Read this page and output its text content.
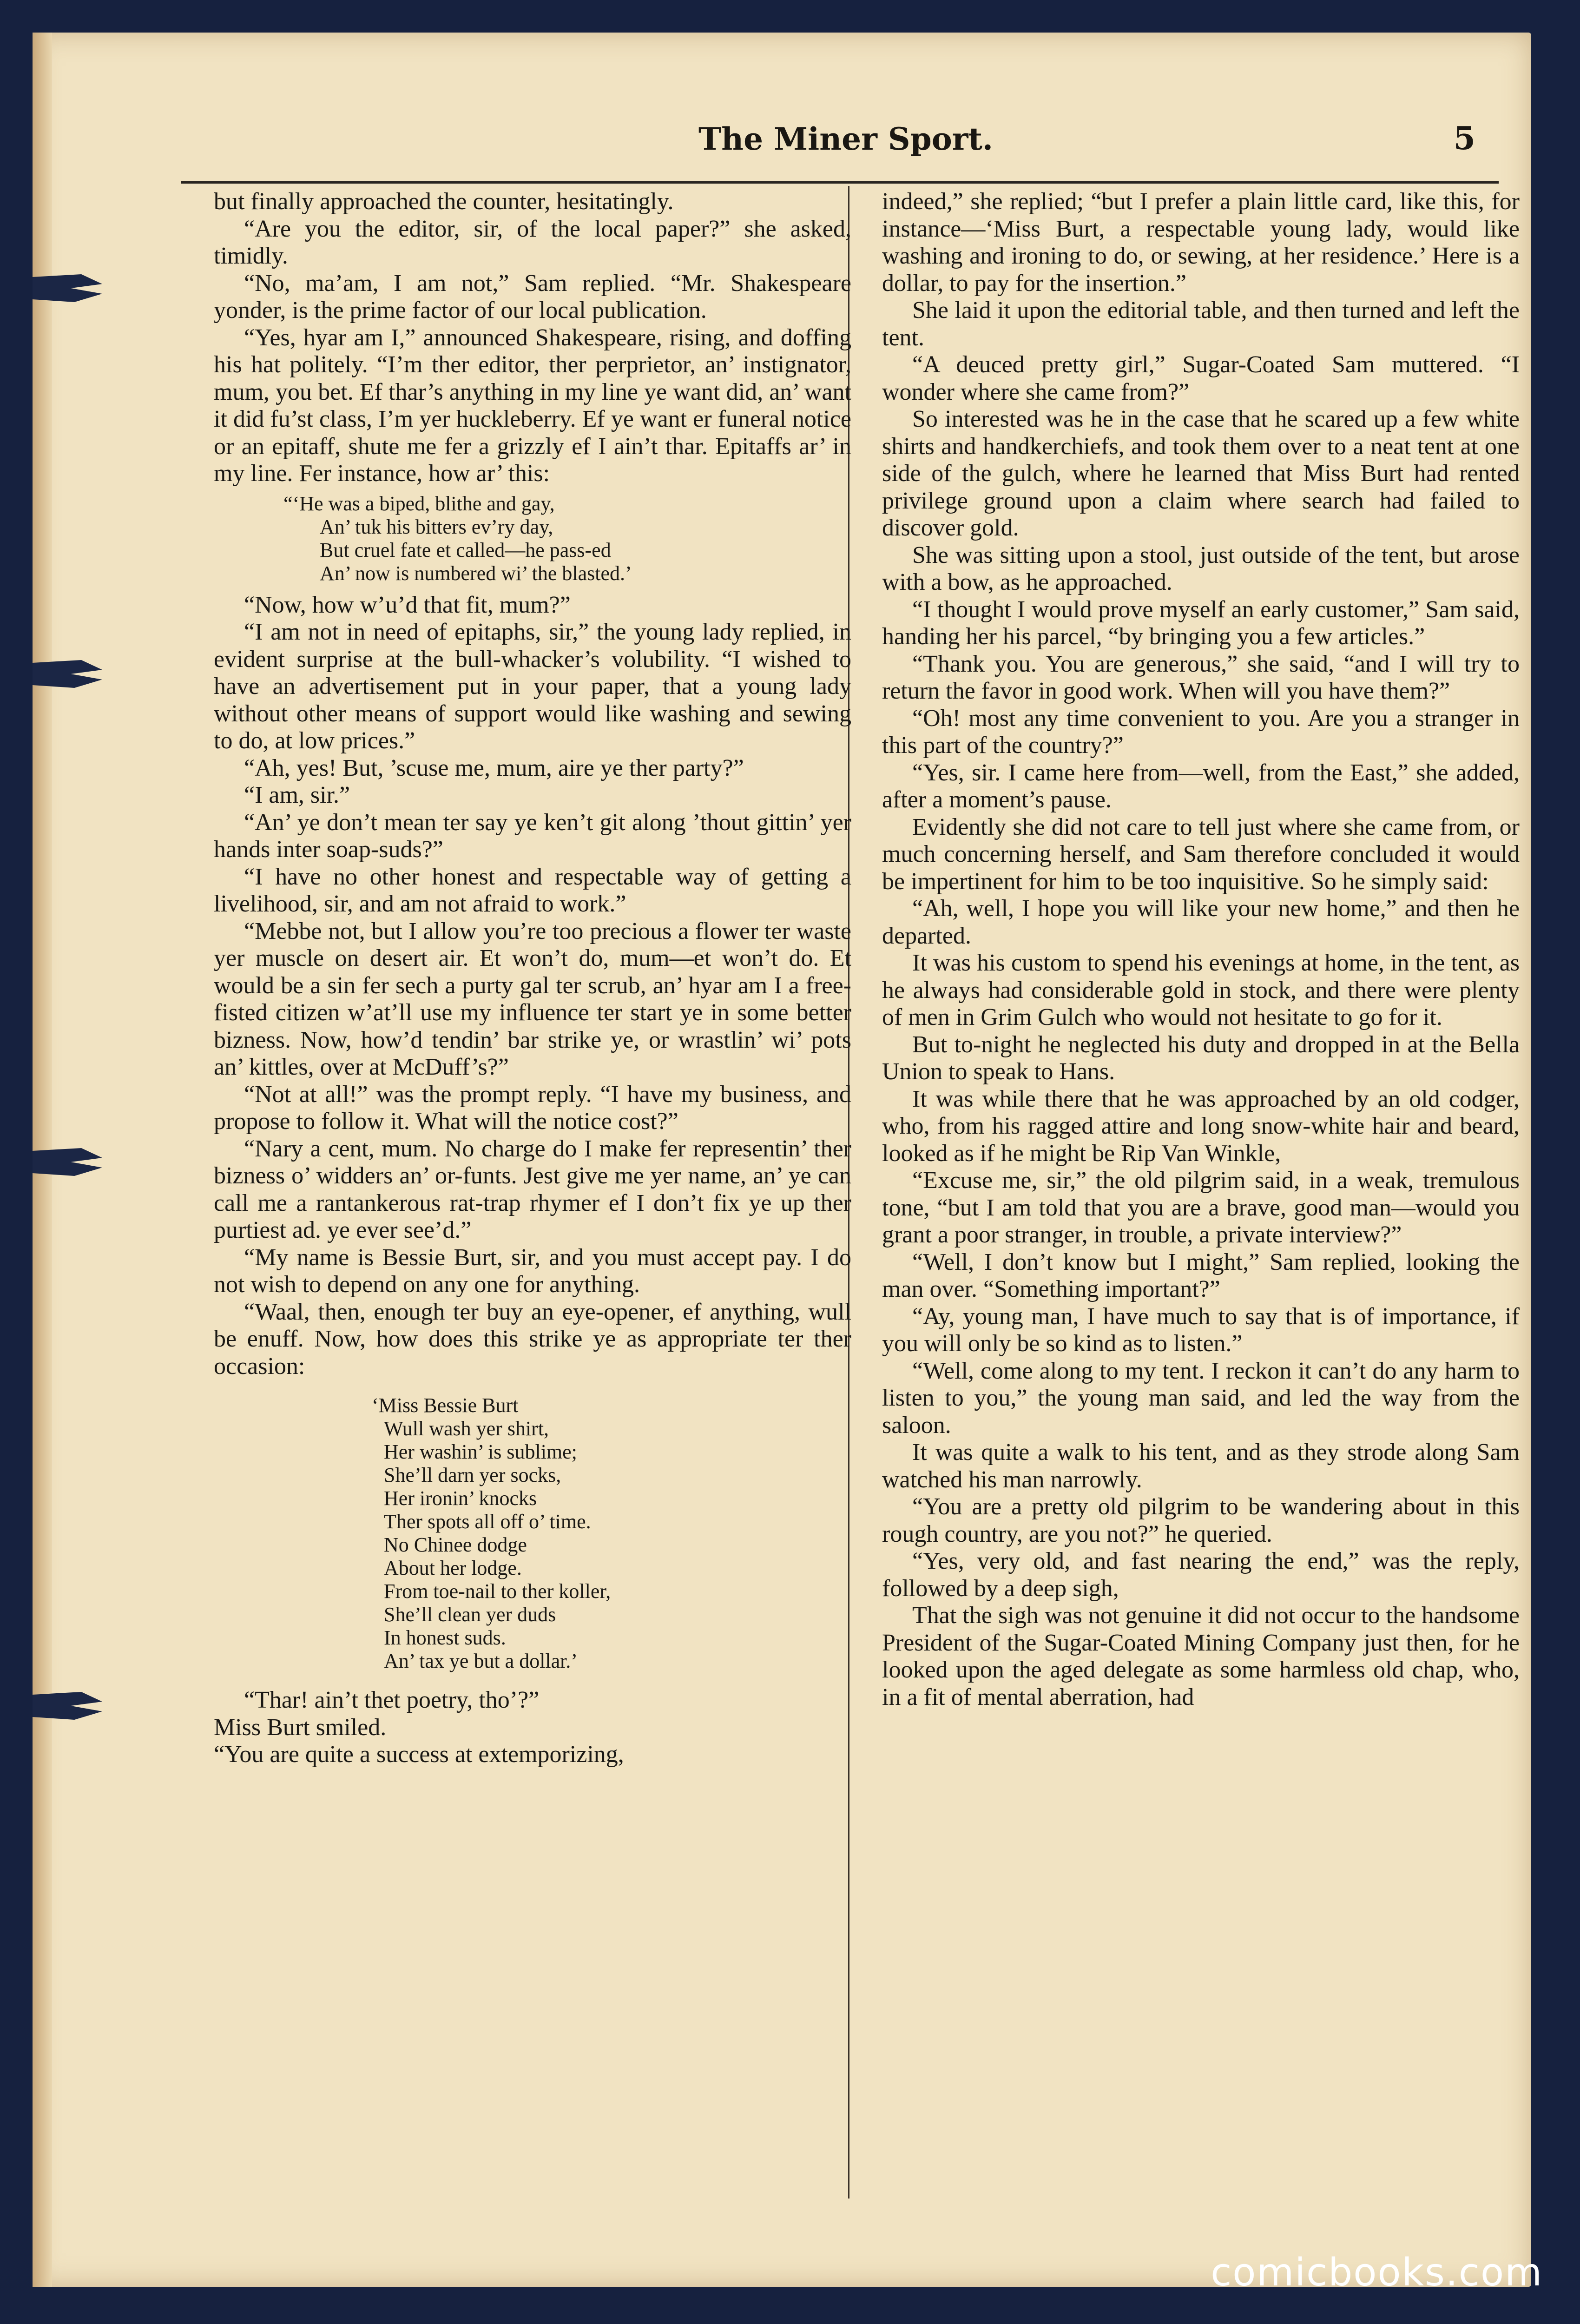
The Miner Sport.	5

but finally approached the counter, hesitatingly.

“Are you the editor, sir, of the local paper?” she asked, timidly.

“No, ma’am, I am not,” Sam replied. “Mr. Shakespeare yonder, is the prime factor of our local publication.

“Yes, hyar am I,” announced Shakespeare, rising, and doffing his hat politely. “I’m ther editor, ther perprietor, an’ instignator, mum, you bet. Ef thar’s anything in my line ye want did, an’ want it did fu’st class, I’m yer huckleberry. Ef ye want er funeral notice or an epitaff, shute me fer a grizzly ef I ain’t thar. Epitaffs ar’ in my line. Fer instance, how ar’ this:

“‘He was a biped, blithe and gay,
An’ tuk his bitters ev’ry day,
But cruel fate et called—he pass-ed
An’ now is numbered wi’ the blasted.’

“Now, how w’u’d that fit, mum?”

“I am not in need of epitaphs, sir,” the young lady replied, in evident surprise at the bull-whacker’s volubility. “I wished to have an advertisement put in your paper, that a young lady without other means of support would like washing and sewing to do, at low prices.”

“Ah, yes! But, ’scuse me, mum, aire ye ther party?”

“I am, sir.”

“An’ ye don’t mean ter say ye ken’t git along ’thout gittin’ yer hands inter soap-suds?”

“I have no other honest and respectable way of getting a livelihood, sir, and am not afraid to work.”

“Mebbe not, but I allow you’re too precious a flower ter waste yer muscle on desert air. Et won’t do, mum—et won’t do. Et would be a sin fer sech a purty gal ter scrub, an’ hyar am I a free-fisted citizen w’at’ll use my influence ter start ye in some better bizness. Now, how’d tendin’ bar strike ye, or wrastlin’ wi’ pots an’ kittles, over at McDuff’s?”

“Not at all!” was the prompt reply. “I have my business, and propose to follow it. What will the notice cost?”

“Nary a cent, mum. No charge do I make fer representin’ ther bizness o’ widders an’ or-funts. Jest give me yer name, an’ ye can call me a rantankerous rat-trap rhymer ef I don’t fix ye up ther purtiest ad. ye ever see’d.”

“My name is Bessie Burt, sir, and you must accept pay. I do not wish to depend on any one for anything.

“Waal, then, enough ter buy an eye-opener, ef anything, wull be enuff. Now, how does this strike ye as appropriate ter ther occasion:

‘Miss Bessie Burt
Wull wash yer shirt,
Her washin’ is sublime;
She’ll darn yer socks,
Her ironin’ knocks
Ther spots all off o’ time.
No Chinee dodge
About her lodge.
From toe-nail to ther koller,
She’ll clean yer duds
In honest suds.
An’ tax ye but a dollar.’

“Thar! ain’t thet poetry, tho’?”

Miss Burt smiled.

“You are quite a success at extemporizing,

indeed,” she replied; “but I prefer a plain little card, like this, for instance—‘Miss Burt, a respectable young lady, would like washing and ironing to do, or sewing, at her residence.’ Here is a dollar, to pay for the insertion.”

She laid it upon the editorial table, and then turned and left the tent.

“A deuced pretty girl,” Sugar-Coated Sam muttered. “I wonder where she came from?”

So interested was he in the case that he scared up a few white shirts and handkerchiefs, and took them over to a neat tent at one side of the gulch, where he learned that Miss Burt had rented privilege ground upon a claim where search had failed to discover gold.

She was sitting upon a stool, just outside of the tent, but arose with a bow, as he approached.

“I thought I would prove myself an early customer,” Sam said, handing her his parcel, “by bringing you a few articles.”

“Thank you. You are generous,” she said, “and I will try to return the favor in good work. When will you have them?”

“Oh! most any time convenient to you. Are you a stranger in this part of the country?”

“Yes, sir. I came here from—well, from the East,” she added, after a moment’s pause.

Evidently she did not care to tell just where she came from, or much concerning herself, and Sam therefore concluded it would be impertinent for him to be too inquisitive. So he simply said:

“Ah, well, I hope you will like your new home,” and then he departed.

It was his custom to spend his evenings at home, in the tent, as he always had considerable gold in stock, and there were plenty of men in Grim Gulch who would not hesitate to go for it.

But to-night he neglected his duty and dropped in at the Bella Union to speak to Hans.

It was while there that he was approached by an old codger, who, from his ragged attire and long snow-white hair and beard, looked as if he might be Rip Van Winkle,

“Excuse me, sir,” the old pilgrim said, in a weak, tremulous tone, “but I am told that you are a brave, good man—would you grant a poor stranger, in trouble, a private interview?”

“Well, I don’t know but I might,” Sam replied, looking the man over. “Something important?”

“Ay, young man, I have much to say that is of importance, if you will only be so kind as to listen.”

“Well, come along to my tent. I reckon it can’t do any harm to listen to you,” the young man said, and led the way from the saloon.

It was quite a walk to his tent, and as they strode along Sam watched his man narrowly.

“You are a pretty old pilgrim to be wandering about in this rough country, are you not?” he queried.

“Yes, very old, and fast nearing the end,” was the reply, followed by a deep sigh,

That the sigh was not genuine it did not occur to the handsome President of the Sugar-Coated Mining Company just then, for he looked upon the aged delegate as some harmless old chap, who, in a fit of mental aberration, had

comicbooks.com
